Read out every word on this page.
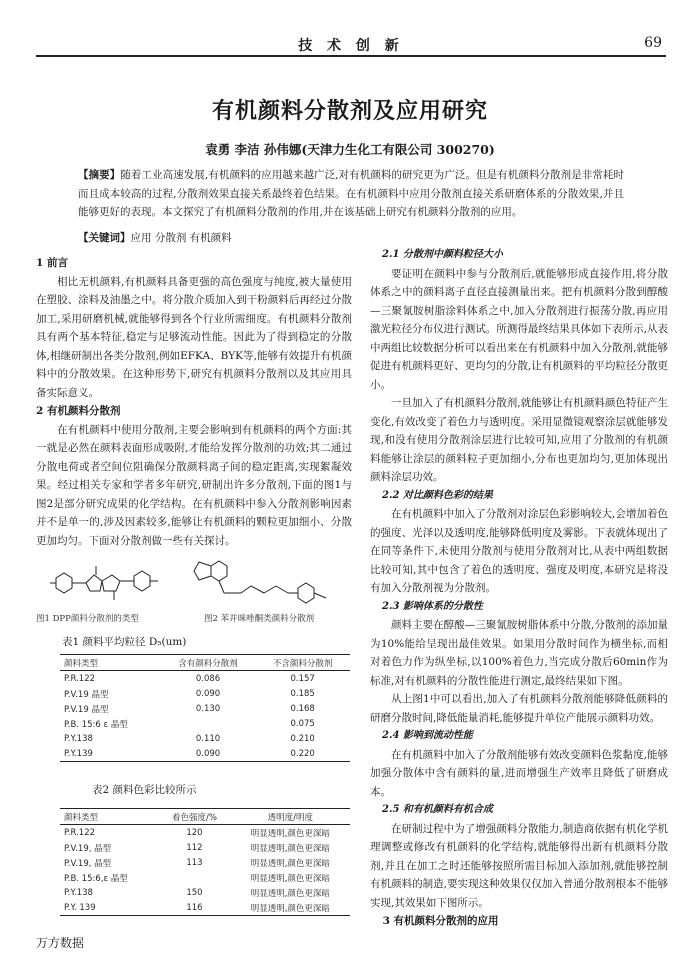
技 术 创 新	69
有机颜料分散剂及应用研究
袁勇 李洁 孙伟娜(天津力生化工有限公司 300270)
【摘要】随着工业高速发展,有机颜料的应用越来越广泛,对有机颜料的研究更为广泛。但是有机颜料分散剂是非常耗时而且成本较高的过程,分散剂效果直接关系最终着色结果。在有机颜料中应用分散剂直接关系研磨体系的分散效果,并且能够更好的表现。本文探究了有机颜料分散剂的作用,并在该基础上研究有机颜料分散剂的应用。
【关键词】应用 分散剂 有机颜料
1 前言

相比无机颜料,有机颜料具备更强的高色强度与纯度,被大量使用在塑胶、涂料及油墨之中。将分散介质加入到干粉颜料后再经过分散加工,采用研磨机械,就能够得到各个行业所需细度。有机颜料分散剂具有两个基本特征,稳定与足够流动性能。因此为了得到稳定的分散体,相继研制出各类分散剂,例如EFKA、BYK等,能够有效提升有机颜料中的分散效果。在这种形势下,研究有机颜料分散剂以及其应用具备实际意义。

2 有机颜料分散剂

在有机颜料中使用分散剂,主要会影响到有机颜料的两个方面:其一就是必然在颜料表面形成吸附,才能给发挥分散剂的功效;其二通过分散电荷或者空间位阻确保分散颜料离子间的稳定距离,实现絮凝效果。经过相关专家和学者多年研究,研制出许多分散剂,下面的图1与图2是部分研究成果的化学结构。在有机颜料中参入分散剂影响因素并不是单一的,涉及因素较多,能够让有机颜料的颗粒更加细小、分散更加均匀。下面对分散剂做一些有关探讨。

图1 DPP颜料分散剂的类型	图2 苯并咪唑酮类颜料分散剂
表1 颜料平均粒径 D₅(um)
颜料类型	含有颜料分散剂	不含颜料分散剂
P.R.122	0.086	0.157
P.V.19 晶型	0.090	0.185
P.V.19 晶型	0.130	0.168
P.B. 15:6 ε 晶型		0.075
P.Y.138	0.110	0.210
P.Y.139	0.090	0.220
表2 颜料色彩比较所示
颜料类型	着色强度/%	透明度/明度
P.R.122	120	明显透明,颜色更深暗
P.V.19, 晶型	112	明显透明,颜色更深暗
P.V.19, 晶型	113	明显透明,颜色更深暗
P.B. 15:6,ε 晶型		明显透明,颜色更深暗
P.Y.138	150	明显透明,颜色更深暗
P.Y. 139	116	明显透明,颜色更深暗
2.1 分散剂中颜料粒径大小

要证明在颜料中参与分散剂后,就能够形成直接作用,将分散体系之中的颜料离子直径直接测量出来。把有机颜料分散到醇酸—三聚氰胺树脂涂料体系之中,加入分散剂进行振荡分散,再应用激光粒径分布仪进行测试。所测得最终结果具体如下表所示,从表中两组比较数据分析可以看出来在有机颜料中加入分散剂,就能够促进有机颜料更好、更均匀的分散,让有机颜料的平均粒径分散更小。

一旦加入了有机颜料分散剂,就能够让有机颜料颜色特征产生变化,有效改变了着色力与透明度。采用显微镜观察涂层就能够发现,和没有使用分散剂涂层进行比较可知,应用了分散剂的有机颜料能够让涂层的颜料粒子更加细小,分布也更加均匀,更加体现出颜料涂层功效。

2.2 对比颜料色彩的结果

在有机颜料中加入了分散剂对涂层色彩影响较大,会增加着色的强度、光泽以及透明度,能够降低明度及雾影。下表就体现出了在同等条件下,未使用分散剂与使用分散剂对比,从表中两组数据比较可知,其中包含了着色的透明度、强度及明度,本研究是将没有加入分散剂视为分散剂。

2.3 影响体系的分散性

颜料主要在醇酸—三聚氰胺树脂体系中分散,分散剂的添加量为10%能给呈现出最佳效果。如果用分散时间作为横坐标,而相对着色力作为纵坐标,以100%着色力,当完成分散后60min作为标准,对有机颜料的分散性能进行测定,最终结果如下图。

从上图1中可以看出,加入了有机颜料分散剂能够降低颜料的研磨分散时间,降低能量消耗,能够提升单位产能展示颜料功效。

2.4 影响到流动性能

在有机颜料中加入了分散剂能够有效改变颜料色浆黏度,能够加强分散体中含有颜料的量,进而增强生产效率且降低了研磨成本。

2.5 和有机颜料有机合成

在研制过程中为了增强颜料分散能力,制造商依据有机化学机理调整或修改有机颜料的化学结构,就能够得出新有机颜料分散剂,并且在加工之时还能够按照所需目标加入添加剂,就能够控制有机颜料的制造,要实现这种效果仅仅加入普通分散剂根本不能够实现,其效果如下图所示。

3 有机颜料分散剂的应用
万方数据
